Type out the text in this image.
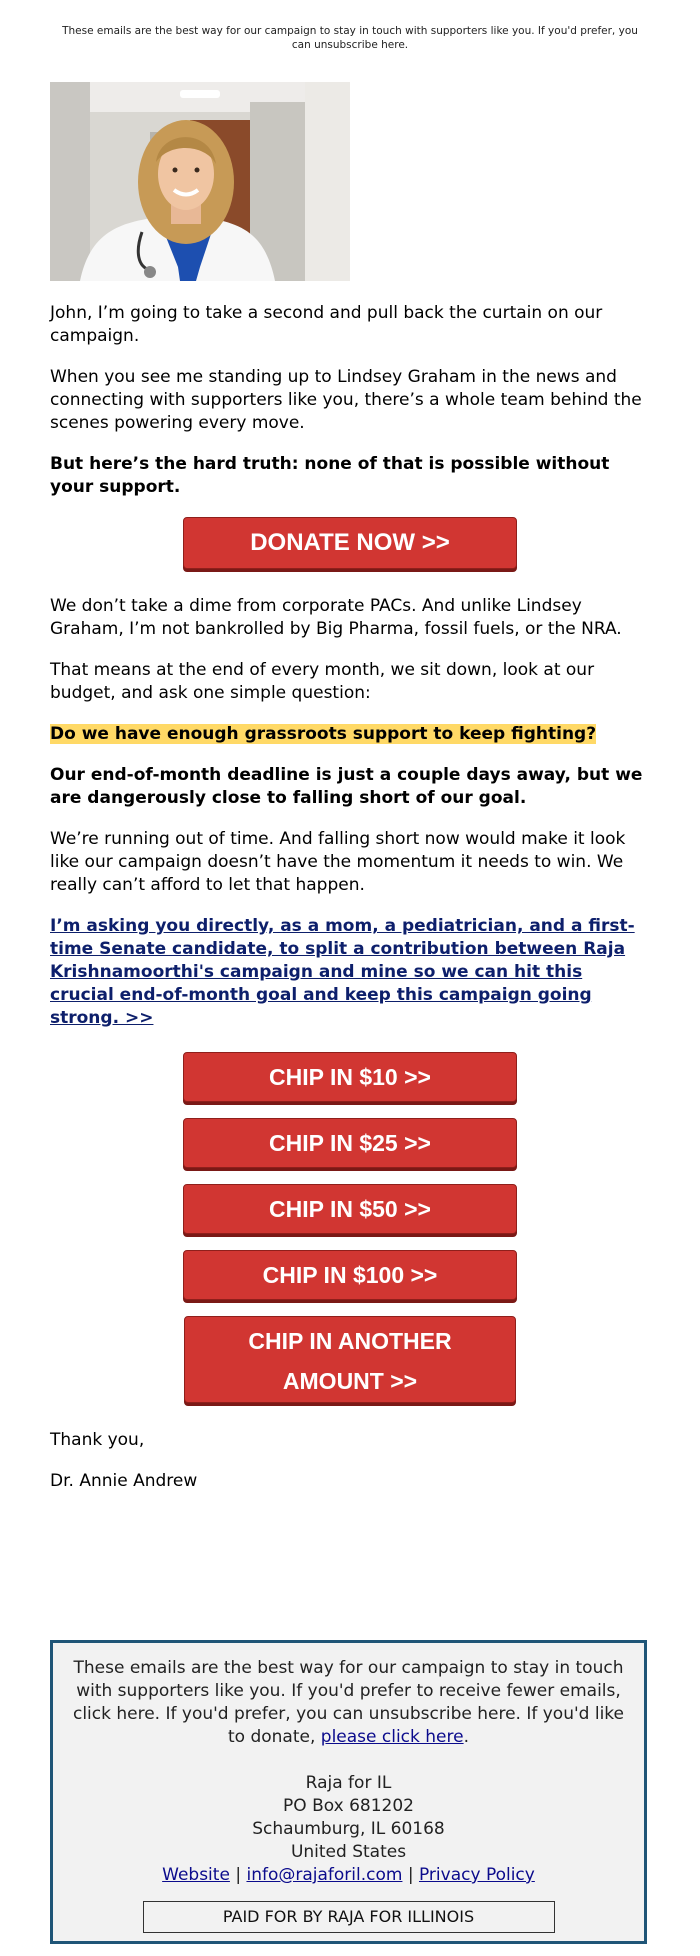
These emails are the best way for our campaign to stay in touch with supporters like you. If you'd prefer, you can unsubscribe here.

John, I’m going to take a second and pull back the curtain on our campaign.

When you see me standing up to Lindsey Graham in the news and connecting with supporters like you, there’s a whole team behind the scenes powering every move.

But here’s the hard truth: none of that is possible without your support.

DONATE NOW >>

We don’t take a dime from corporate PACs. And unlike Lindsey Graham, I’m not bankrolled by Big Pharma, fossil fuels, or the NRA.

That means at the end of every month, we sit down, look at our budget, and ask one simple question:

Do we have enough grassroots support to keep fighting?

Our end-of-month deadline is just a couple days away, but we are dangerously close to falling short of our goal.

We’re running out of time. And falling short now would make it look like our campaign doesn’t have the momentum it needs to win. We really can’t afford to let that happen.

I’m asking you directly, as a mom, a pediatrician, and a first-time Senate candidate, to split a contribution between Raja Krishnamoorthi's campaign and mine so we can hit this crucial end-of-month goal and keep this campaign going strong. >>
CHIP IN $10 >>
CHIP IN $25 >>
CHIP IN $50 >>
CHIP IN $100 >>
CHIP IN ANOTHER
AMOUNT >>

Thank you,

Dr. Annie Andrew

These emails are the best way for our campaign to stay in touch with supporters like you. If you'd prefer to receive fewer emails, click here. If you'd prefer, you can unsubscribe here. If you'd like to donate, please click here.
Raja for IL
PO Box 681202
Schaumburg, IL 60168
United States
Website | info@rajaforil.com | Privacy Policy
PAID FOR BY RAJA FOR ILLINOIS
